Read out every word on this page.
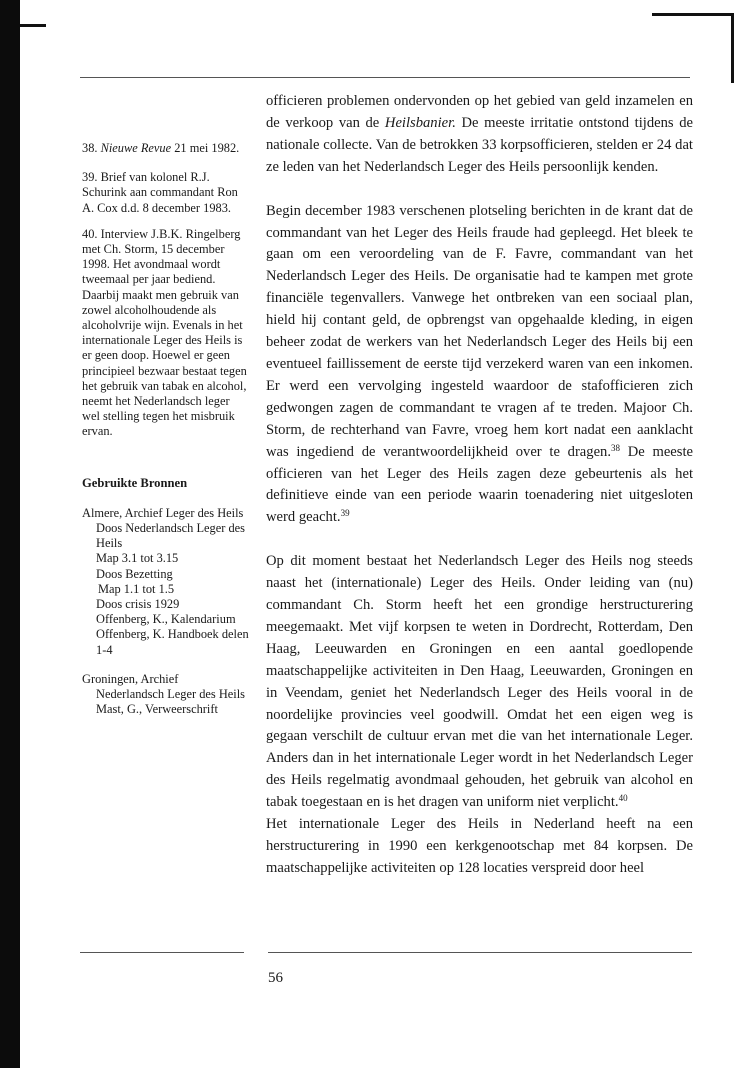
38. Nieuwe Revue 21 mei 1982.

39. Brief van kolonel R.J. Schurink aan commandant Ron A. Cox d.d. 8 december 1983.

40. Interview J.B.K. Ringelberg met Ch. Storm, 15 december 1998. Het avondmaal wordt tweemaal per jaar bediend. Daarbij maakt men gebruik van zowel alcoholhoudende als alcoholvrije wijn. Evenals in het internationale Leger des Heils is er geen doop. Hoewel er geen principieel bezwaar bestaat tegen het gebruik van tabak en alcohol, neemt het Nederlandsch leger wel stelling tegen het misbruik ervan.

Gebruikte Bronnen
Almere, Archief Leger des Heils
Doos Nederlandsch Leger des Heils
Map 3.1 tot 3.15
Doos Bezetting
Map 1.1 tot 1.5
Doos crisis 1929
Offenberg, K., Kalendarium
Offenberg, K. Handboek delen 1-4
Groningen, Archief
Nederlandsch Leger des Heils
Mast, G., Verweerschrift

officieren problemen ondervonden op het gebied van geld inzamelen en de verkoop van de Heilsbanier. De meeste irritatie ontstond tijdens de nationale collecte. Van de betrokken 33 korpsofficieren, stelden er 24 dat ze leden van het Nederlandsch Leger des Heils persoonlijk kenden.

Begin december 1983 verschenen plotseling berichten in de krant dat de commandant van het Leger des Heils fraude had gepleegd. Het bleek te gaan om een veroordeling van de F. Favre, commandant van het Nederlandsch Leger des Heils. De organisatie had te kampen met grote financiële tegenvallers. Vanwege het ontbreken van een sociaal plan, hield hij contant geld, de opbrengst van opgehaalde kleding, in eigen beheer zodat de werkers van het Nederlandsch Leger des Heils bij een eventueel faillissement de eerste tijd verzekerd waren van een inkomen. Er werd een vervolging ingesteld waardoor de stafofficieren zich gedwongen zagen de commandant te vragen af te treden. Majoor Ch. Storm, de rechterhand van Favre, vroeg hem kort nadat een aanklacht was ingediend de verantwoordelijkheid over te dragen.$^{38}$ De meeste officieren van het Leger des Heils zagen deze gebeurtenis als het definitieve einde van een periode waarin toenadering niet uitgesloten werd geacht.$^{39}$

Op dit moment bestaat het Nederlandsch Leger des Heils nog steeds naast het (internationale) Leger des Heils. Onder leiding van (nu) commandant Ch. Storm heeft het een grondige herstructurering meegemaakt. Met vijf korpsen te weten in Dordrecht, Rotterdam, Den Haag, Leeuwarden en Groningen en een aantal goedlopende maatschappelijke activiteiten in Den Haag, Leeuwarden, Groningen en in Veendam, geniet het Nederlandsch Leger des Heils vooral in de noordelijke provincies veel goodwill. Omdat het een eigen weg is gegaan verschilt de cultuur ervan met die van het internationale Leger. Anders dan in het internationale Leger wordt in het Nederlandsch Leger des Heils regelmatig avondmaal gehouden, het gebruik van alcohol en tabak toegestaan en is het dragen van uniform niet verplicht.$^{40}$

Het internationale Leger des Heils in Nederland heeft na een herstructurering in 1990 een kerkgenootschap met 84 korpsen. De maatschappelijke activiteiten op 128 locaties verspreid door heel

56
